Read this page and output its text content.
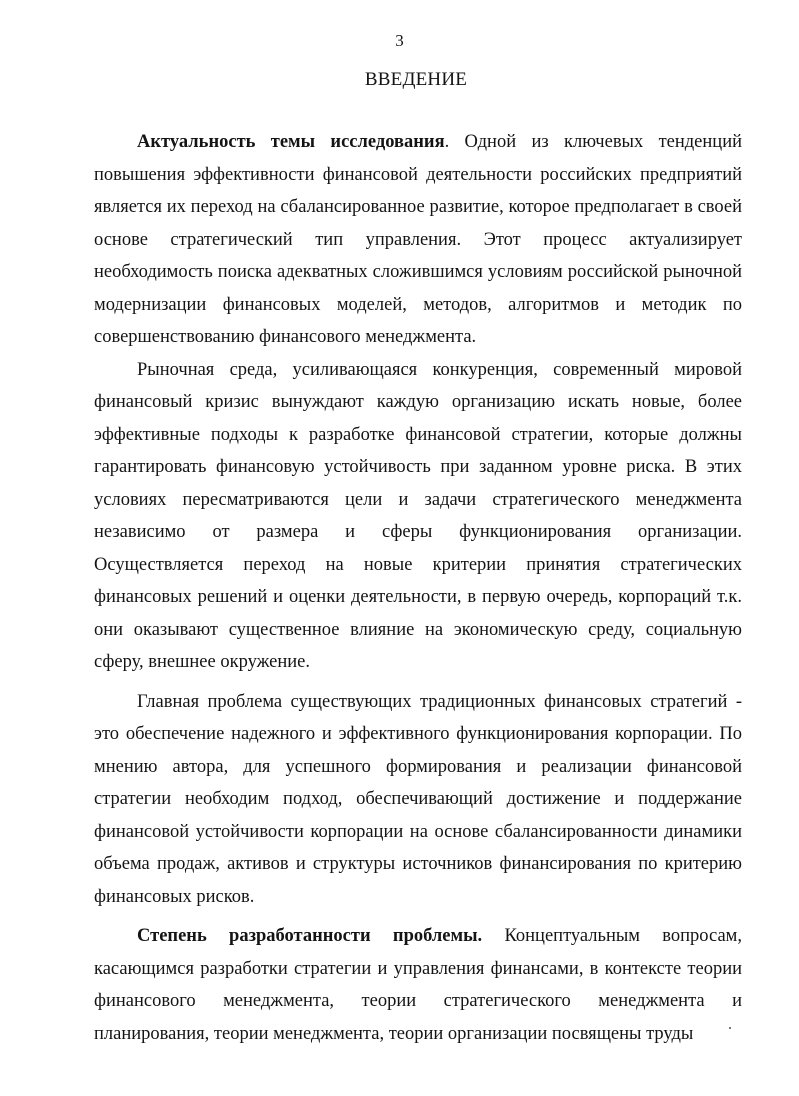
3
ВВЕДЕНИЕ

Актуальность темы исследования. Одной из ключевых тенденций повышения эффективности финансовой деятельности российских предприятий является их переход на сбалансированное развитие, которое предполагает в своей основе стратегический тип управления. Этот процесс актуализирует необходимость поиска адекватных сложившимся условиям российской рыночной модернизации финансовых моделей, методов, алгоритмов и методик по совершенствованию финансового менеджмента.

Рыночная среда, усиливающаяся конкуренция, современный мировой финансовый кризис вынуждают каждую организацию искать новые, более эффективные подходы к разработке финансовой стратегии, которые должны гарантировать финансовую устойчивость при заданном уровне риска. В этих условиях пересматриваются цели и задачи стратегического менеджмента независимо от размера и сферы функционирования организации. Осуществляется переход на новые критерии принятия стратегических финансовых решений и оценки деятельности, в первую очередь, корпораций т.к. они оказывают существенное влияние на экономическую среду, социальную сферу, внешнее окружение.

Главная проблема существующих традиционных финансовых стратегий - это обеспечение надежного и эффективного функционирования корпорации. По мнению автора, для успешного формирования и реализации финансовой стратегии необходим подход, обеспечивающий достижение и поддержание финансовой устойчивости корпорации на основе сбалансированности динамики объема продаж, активов и структуры источников финансирования по критерию финансовых рисков.

Степень разработанности проблемы. Концептуальным вопросам, касающимся разработки стратегии и управления финансами, в контексте теории финансового менеджмента, теории стратегического менеджмента и планирования, теории менеджмента, теории организации посвящены труды
